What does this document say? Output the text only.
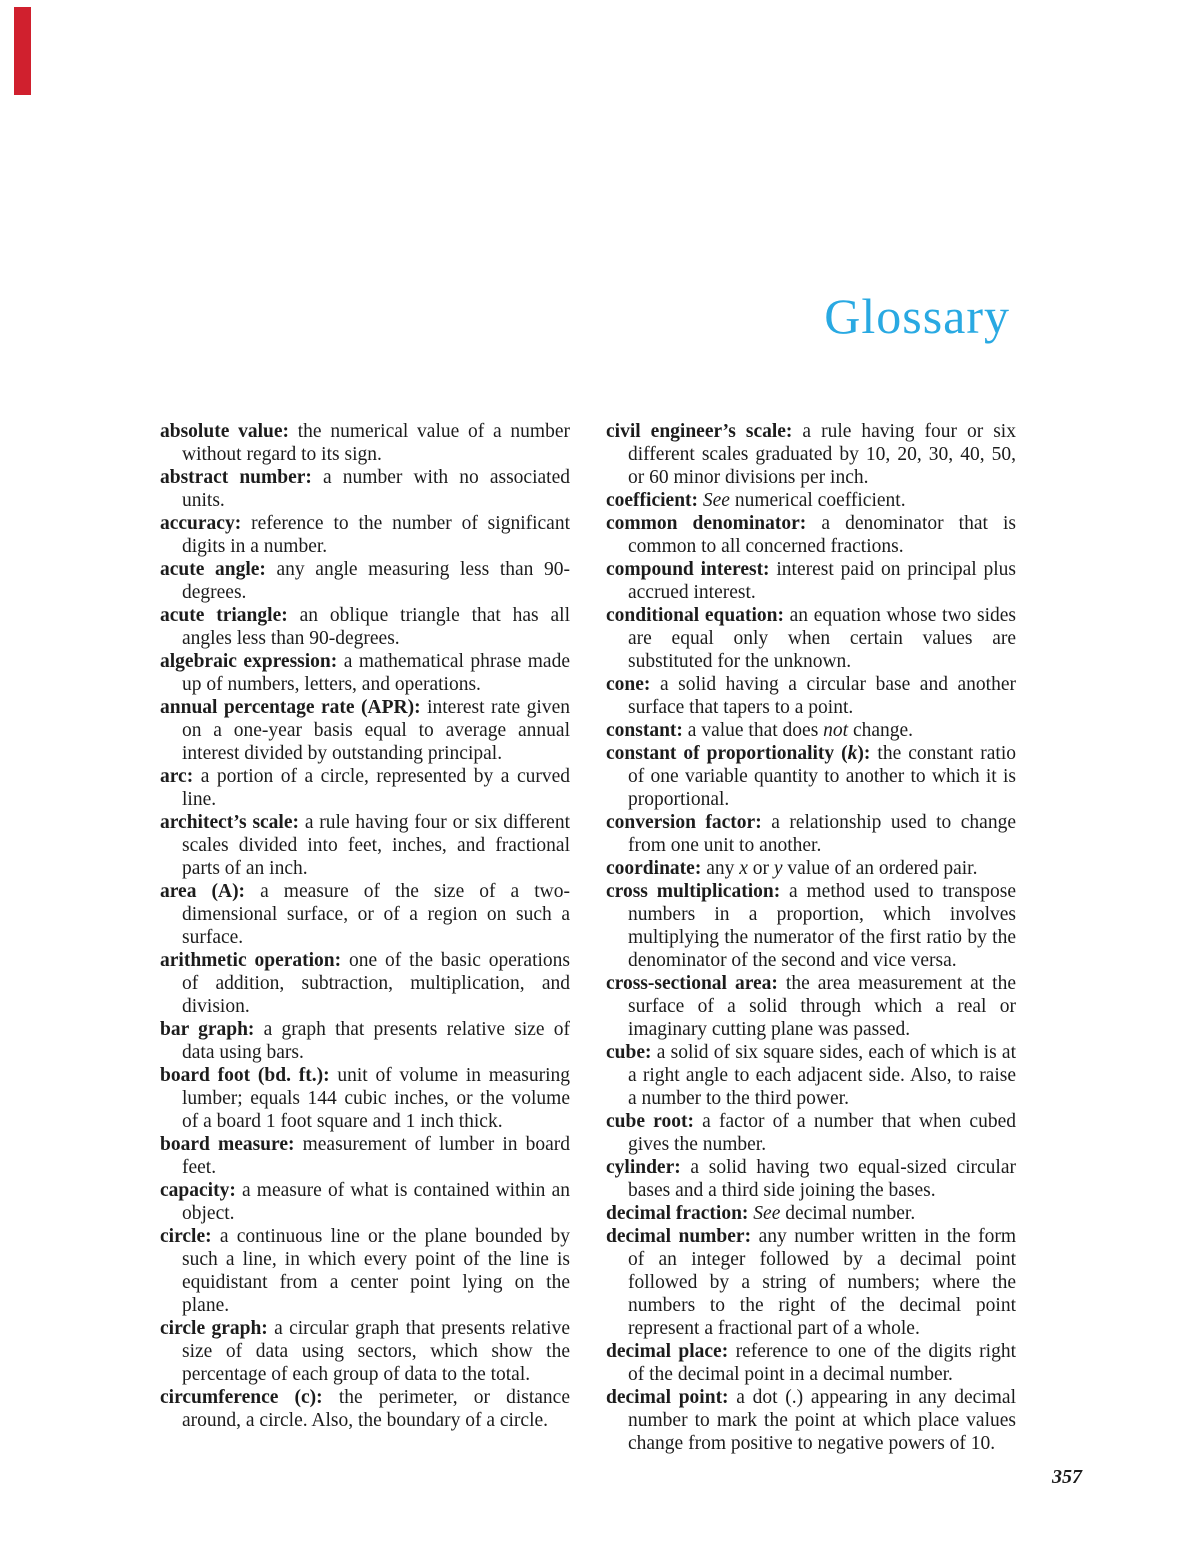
Glossary

absolute value: the numerical value of a number without regard to its sign.

abstract number: a number with no associated units.

accuracy: reference to the number of significant digits in a number.

acute angle: any angle measuring less than 90-degrees.

acute triangle: an oblique triangle that has all angles less than 90-degrees.

algebraic expression: a mathematical phrase made up of numbers, letters, and operations.

annual percentage rate (APR): interest rate given on a one-year basis equal to average annual interest divided by outstanding principal.

arc: a portion of a circle, represented by a curved line.

architect’s scale: a rule having four or six different scales divided into feet, inches, and fractional parts of an inch.

area (A): a measure of the size of a two-dimensional surface, or of a region on such a surface.

arithmetic operation: one of the basic operations of addition, subtraction, multiplication, and division.

bar graph: a graph that presents relative size of data using bars.

board foot (bd. ft.): unit of volume in measuring lumber; equals 144 cubic inches, or the volume of a board 1 foot square and 1 inch thick.

board measure: measurement of lumber in board feet.

capacity: a measure of what is contained within an object.

circle: a continuous line or the plane bounded by such a line, in which every point of the line is equidistant from a center point lying on the plane.

circle graph: a circular graph that presents relative size of data using sectors, which show the percentage of each group of data to the total.

circumference (c): the perimeter, or distance around, a circle. Also, the boundary of a circle.

civil engineer’s scale: a rule having four or six different scales graduated by 10, 20, 30, 40, 50, or 60 minor divisions per inch.

coefficient: See numerical coefficient.

common denominator: a denominator that is common to all concerned fractions.

compound interest: interest paid on principal plus accrued interest.

conditional equation: an equation whose two sides are equal only when certain values are substituted for the unknown.

cone: a solid having a circular base and another surface that tapers to a point.

constant: a value that does not change.

constant of proportionality (k): the constant ratio of one variable quantity to another to which it is proportional.

conversion factor: a relationship used to change from one unit to another.

coordinate: any x or y value of an ordered pair.

cross multiplication: a method used to transpose numbers in a proportion, which involves multiplying the numerator of the first ratio by the denominator of the second and vice versa.

cross-sectional area: the area measurement at the surface of a solid through which a real or imaginary cutting plane was passed.

cube: a solid of six square sides, each of which is at a right angle to each adjacent side. Also, to raise a number to the third power.

cube root: a factor of a number that when cubed gives the number.

cylinder: a solid having two equal-sized circular bases and a third side joining the bases.

decimal fraction: See decimal number.

decimal number: any number written in the form of an integer followed by a decimal point followed by a string of numbers; where the numbers to the right of the decimal point represent a fractional part of a whole.

decimal place: reference to one of the digits right of the decimal point in a decimal number.

decimal point: a dot (.) appearing in any decimal number to mark the point at which place values change from positive to negative powers of 10.

357
